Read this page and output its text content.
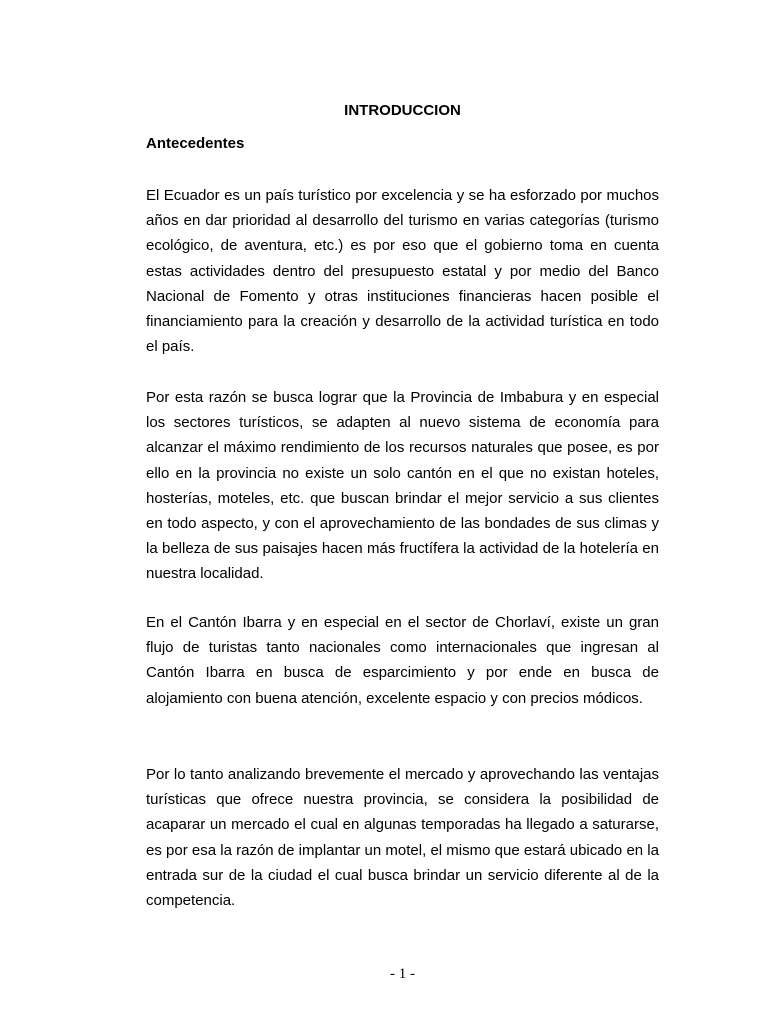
INTRODUCCION
Antecedentes
El Ecuador es un país turístico por excelencia y se ha esforzado por muchos años en dar prioridad al desarrollo del turismo en varias categorías (turismo ecológico, de aventura, etc.) es por eso que el gobierno toma en cuenta estas actividades dentro del presupuesto estatal y por medio del Banco Nacional de Fomento y otras instituciones financieras hacen posible el financiamiento para la creación y desarrollo de la actividad turística en todo el país.
Por esta razón se busca lograr que la Provincia de Imbabura y en especial los sectores turísticos, se adapten al nuevo sistema de economía para alcanzar el máximo rendimiento de los recursos naturales que posee, es por ello en la provincia no existe un solo cantón en el que no existan hoteles, hosterías, moteles, etc. que buscan brindar el mejor servicio a sus clientes en todo aspecto, y con el aprovechamiento de las bondades de sus climas y la belleza de sus paisajes hacen más fructífera la actividad de la hotelería en nuestra localidad.
En el Cantón Ibarra y en especial en el sector de Chorlaví, existe un gran flujo de turistas tanto nacionales como internacionales que ingresan al Cantón Ibarra en busca de esparcimiento y por ende en busca de alojamiento con buena atención, excelente espacio y con precios módicos.
Por lo tanto analizando brevemente el mercado y aprovechando las ventajas turísticas que ofrece nuestra provincia, se considera la posibilidad de acaparar un mercado el cual en algunas temporadas ha llegado a saturarse, es por esa la razón de implantar un motel, el mismo que estará ubicado en la entrada sur de la ciudad el cual busca brindar un servicio diferente al de la competencia.
- 1 -
